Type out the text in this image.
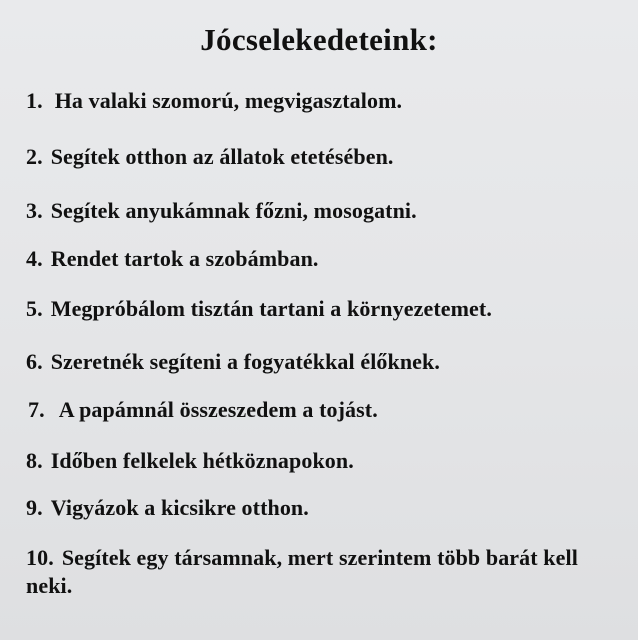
Jócselekedeteink:
1. Ha valaki szomorú, megvigasztalom.
2. Segítek otthon az állatok etetésében.
3. Segítek anyukámnak főzni, mosogatni.
4. Rendet tartok a szobámban.
5. Megpróbálom tisztán tartani a környezetemet.
6. Szeretnék segíteni a fogyatékkal élőknek.
7. A papámnál összeszedem a tojást.
8. Időben felkelek hétköznapokon.
9. Vigyázok a kicsikre otthon.
10. Segítek egy társamnak, mert szerintem több barát kell neki.
